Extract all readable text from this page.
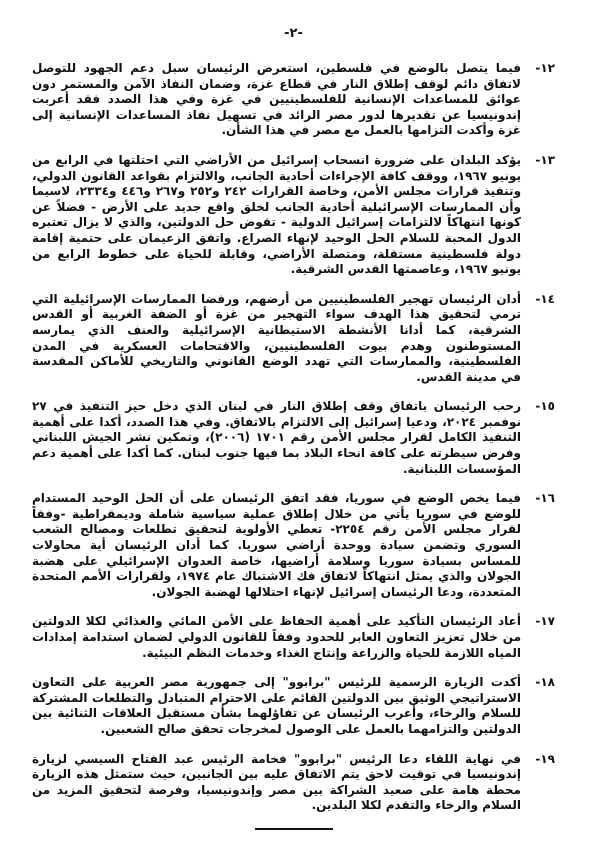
-٢-
١٢-
فيما يتصل بالوضع في فلسطين، استعرض الرئيسان سبل دعم الجهود للتوصل لاتفاق دائم لوقف إطلاق النار في قطاع غزة، وضمان النفاذ الآمن والمستمر دون عوائق للمساعدات الإنسانية للفلسطينيين في غزة وفي هذا الصدد فقد أعربت إندونيسيا عن تقديرها لدور مصر الرائد في تسهيل نفاذ المساعدات الإنسانية إلى غزة وأكدت التزامها بالعمل مع مصر في هذا الشأن.
١٣-
يؤكد البلدان على ضرورة انسحاب إسرائيل من الأراضي التي احتلتها في الرابع من يونيو ١٩٦٧، ووقف كافة الإجراءات أحادية الجانب، والالتزام بقواعد القانون الدولي، وتنفيذ قرارات مجلس الأمن، وخاصة القرارات ٢٤٢ و٢٥٢ و٢٦٧ و٤٤٦ و٢٣٣٤، لاسيما وأن الممارسات الإسرائيلية أحادية الجانب لخلق واقع جديد على الأرض - فضلاً عن كونها انتهاكاً لالتزامات إسرائيل الدولية - تقوض حل الدولتين، والذي لا يزال تعتبره الدول المحبة للسلام الحل الوحيد لإنهاء الصراع. واتفق الزعيمان على حتمية إقامة دولة فلسطينية مستقلة، ومتصلة الأراضي، وقابلة للحياة على خطوط الرابع من يونيو ١٩٦٧، وعاصمتها القدس الشرقية.
١٤-
أدان الرئيسان تهجير الفلسطينيين من أرضهم، ورفضا الممارسات الإسرائيلية التي ترمي لتحقيق هذا الهدف سواء التهجير من غزة أو الضفة الغربية أو القدس الشرقية، كما أدانا الأنشطة الاستيطانية الإسرائيلية والعنف الذي يمارسه المستوطنون وهدم بيوت الفلسطينيين، والاقتحامات العسكرية في المدن الفلسطينية، والممارسات التي تهدد الوضع القانوني والتاريخي للأماكن المقدسة في مدينة القدس.
١٥-
رحب الرئيسان باتفاق وقف إطلاق النار في لبنان الذي دخل حيز التنفيذ في ٢٧ نوفمبر ٢٠٢٤، ودعيا إسرائيل إلى الالتزام بالاتفاق. وفي هذا الصدد، أكدا على أهمية التنفيذ الكامل لقرار مجلس الأمن رقم ١٧٠١ (٢٠٠٦)، وتمكين نشر الجيش اللبناني وفرض سيطرته على كافة انحاء البلاد بما فيها جنوب لبنان. كما أكدا على أهمية دعم المؤسسات اللبنانية.
١٦-
فيما يخص الوضع في سوريا، فقد اتفق الرئيسان على أن الحل الوحيد المستدام للوضع في سوريا يأتي من خلال إطلاق عملية سياسية شاملة وديمقراطية -وفقاً لقرار مجلس الأمن رقم ٢٢٥٤- تعطي الأولوية لتحقيق تطلعات ومصالح الشعب السوري وتضمن سيادة ووحدة أراضي سوريا. كما أدان الرئيسان أية محاولات للمساس بسيادة سوريا وسلامة أراضيها، خاصة العدوان الإسرائيلي على هضبة الجولان والذي يمثل انتهاكاً لاتفاق فك الاشتباك عام ١٩٧٤، ولقرارات الأمم المتحدة المتعددة، ودعا الرئيسان إسرائيل لإنهاء احتلالها لهضبة الجولان.
١٧-
أعاد الرئيسان التأكيد على أهمية الحفاظ على الأمن المائي والغذائي لكلا الدولتين من خلال تعزيز التعاون العابر للحدود وفقاً للقانون الدولي لضمان استدامة إمدادات المياه اللازمة للحياة والزراعة وإنتاج الغذاء وخدمات النظم البيئية.
١٨-
أكدت الزيارة الرسمية للرئيس "برابوو" إلى جمهورية مصر العربية على التعاون الاستراتيجي الوثيق بين الدولتين القائم على الاحترام المتبادل والتطلعات المشتركة للسلام والرخاء، وأعرب الرئيسان عن تفاؤلهما بشأن مستقبل العلاقات الثنائية بين الدولتين والتزامهما بالعمل على الوصول لمخرجات تحقق صالح الشعبين.
١٩-
في نهاية اللقاء دعا الرئيس "برابوو" فخامة الرئيس عبد الفتاح السيسي لزيارة إندونيسيا في توقيت لاحق يتم الاتفاق عليه بين الجانبين، حيث ستمثل هذه الزيارة محطة هامة على صعيد الشراكة بين مصر وإندونيسيا، وفرصة لتحقيق المزيد من السلام والرخاء والتقدم لكلا البلدين.
